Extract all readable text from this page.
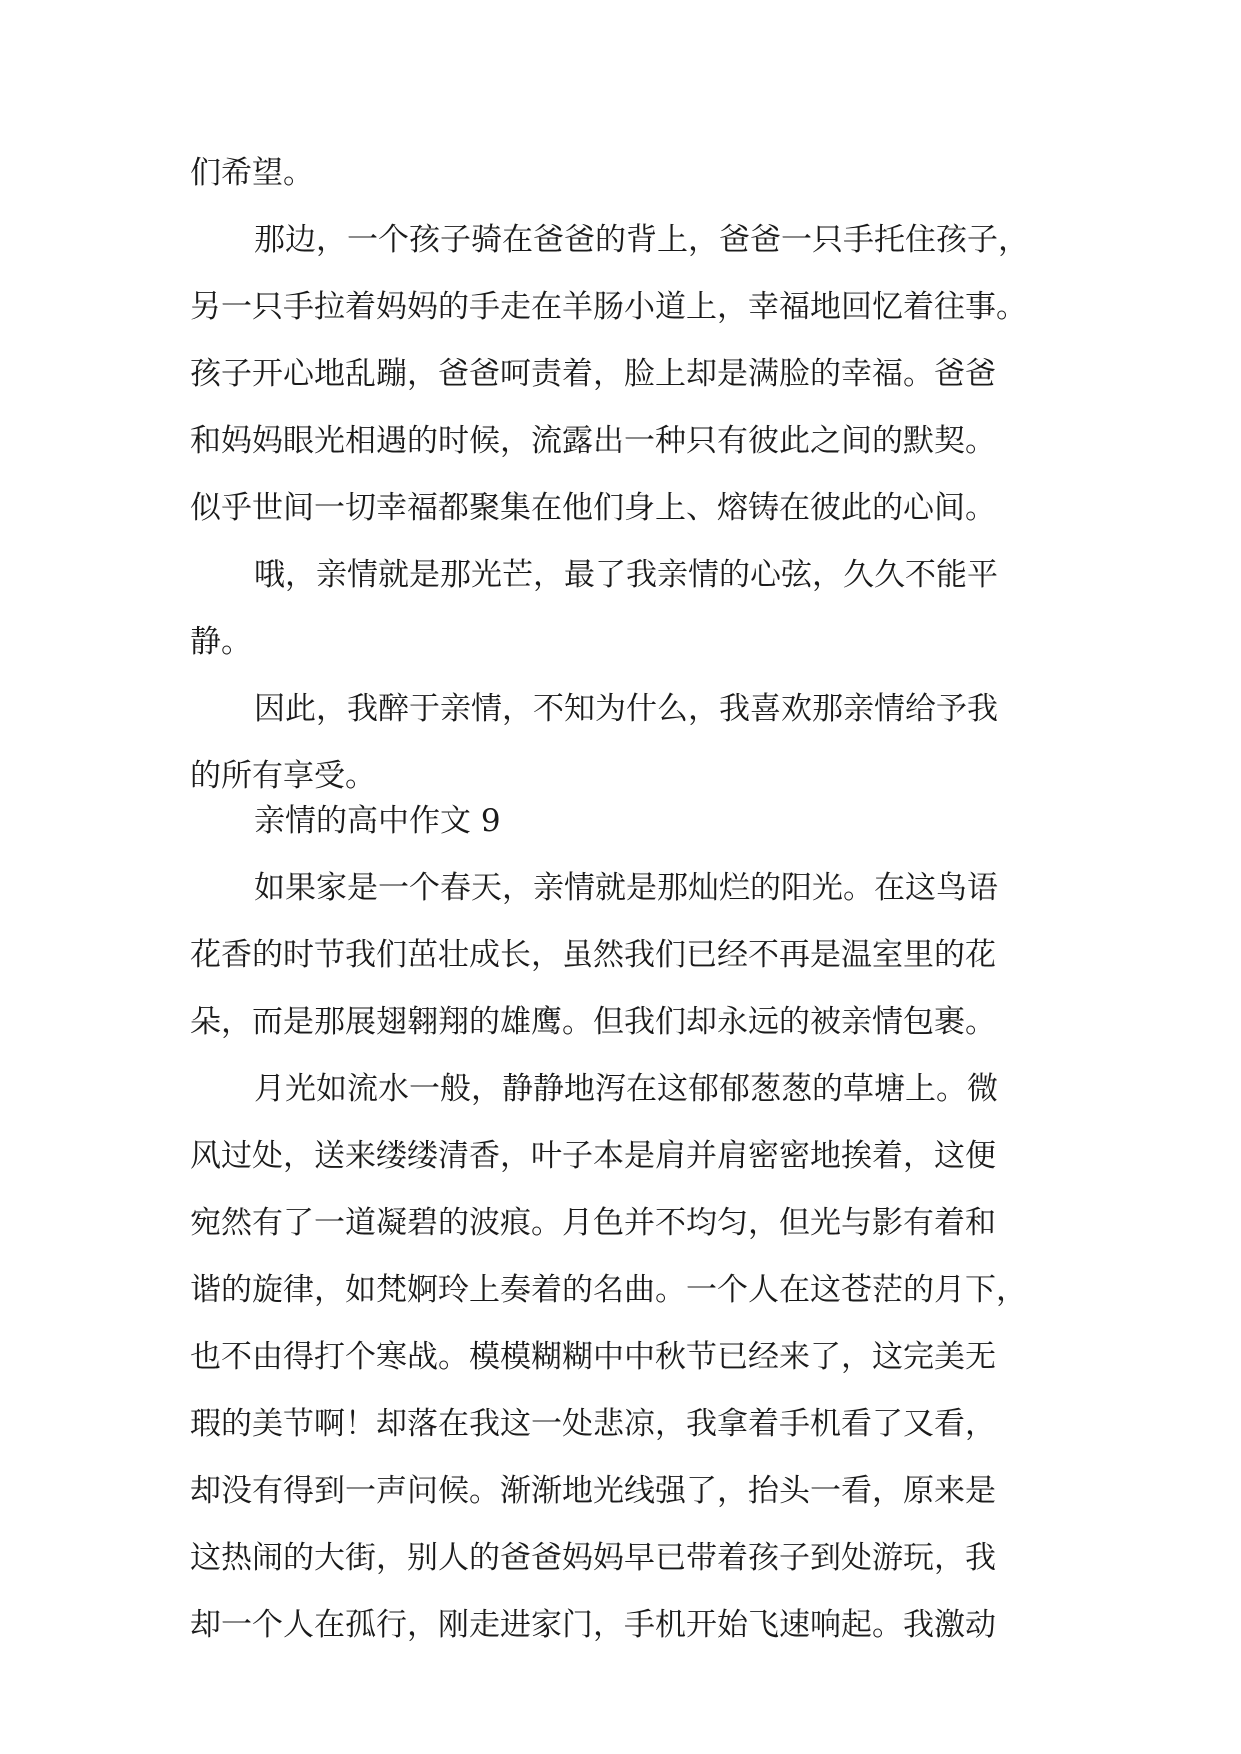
们希望。
那边，一个孩子骑在爸爸的背上，爸爸一只手托住孩子，
另一只手拉着妈妈的手走在羊肠小道上，幸福地回忆着往事。
孩子开心地乱蹦，爸爸呵责着，脸上却是满脸的幸福。爸爸
和妈妈眼光相遇的时候，流露出一种只有彼此之间的默契。
似乎世间一切幸福都聚集在他们身上、熔铸在彼此的心间。
哦，亲情就是那光芒，最了我亲情的心弦，久久不能平
静。
因此，我醉于亲情，不知为什么，我喜欢那亲情给予我
的所有享受。
亲情的高中作文 9
如果家是一个春天，亲情就是那灿烂的阳光。在这鸟语
花香的时节我们茁壮成长，虽然我们已经不再是温室里的花
朵，而是那展翅翱翔的雄鹰。但我们却永远的被亲情包裹。
月光如流水一般，静静地泻在这郁郁葱葱的草塘上。微
风过处，送来缕缕清香，叶子本是肩并肩密密地挨着，这便
宛然有了一道凝碧的波痕。月色并不均匀，但光与影有着和
谐的旋律，如梵婀玲上奏着的名曲。一个人在这苍茫的月下，
也不由得打个寒战。模模糊糊中中秋节已经来了，这完美无
瑕的美节啊！却落在我这一处悲凉，我拿着手机看了又看，
却没有得到一声问候。渐渐地光线强了，抬头一看，原来是
这热闹的大街，别人的爸爸妈妈早已带着孩子到处游玩，我
却一个人在孤行，刚走进家门，手机开始飞速响起。我激动
